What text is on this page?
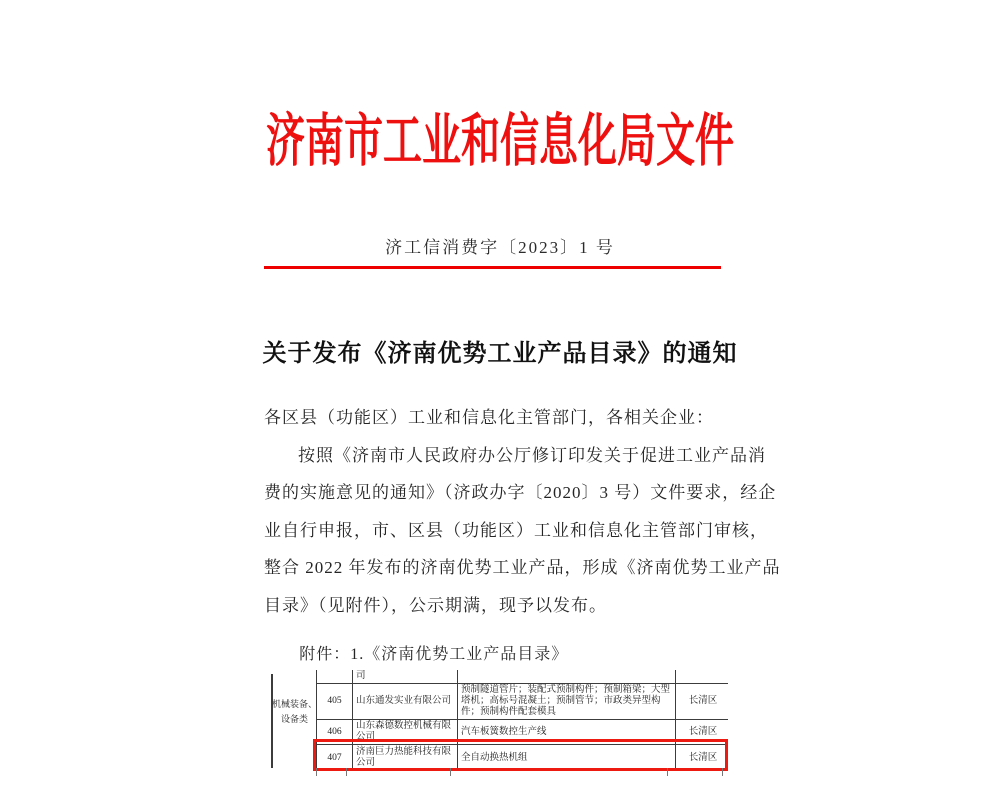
济南市工业和信息化局文件
济工信消费字〔2023〕1 号
关于发布《济南优势工业产品目录》的通知
各区县（功能区）工业和信息化主管部门，各相关企业：
按照《济南市人民政府办公厅修订印发关于促进工业产品消
费的实施意见的通知》（济政办字〔2020〕3 号）文件要求，经企
业自行申报，市、区县（功能区）工业和信息化主管部门审核，
整合 2022 年发布的济南优势工业产品，形成《济南优势工业产品
目录》（见附件），公示期满，现予以发布。
附件：1.《济南优势工业产品目录》
机械装备、
设备类
	司		
405	山东通发实业有限公司	预制隧道管片；装配式预制构件；预制箱梁；大型塔机；高标号混凝土；预制管节；市政类异型构件；预制构件配套模具	长清区
406	山东森德数控机械有限公司	汽车板簧数控生产线	长清区
407	济南巨力热能科技有限公司	全自动换热机组	长清区
